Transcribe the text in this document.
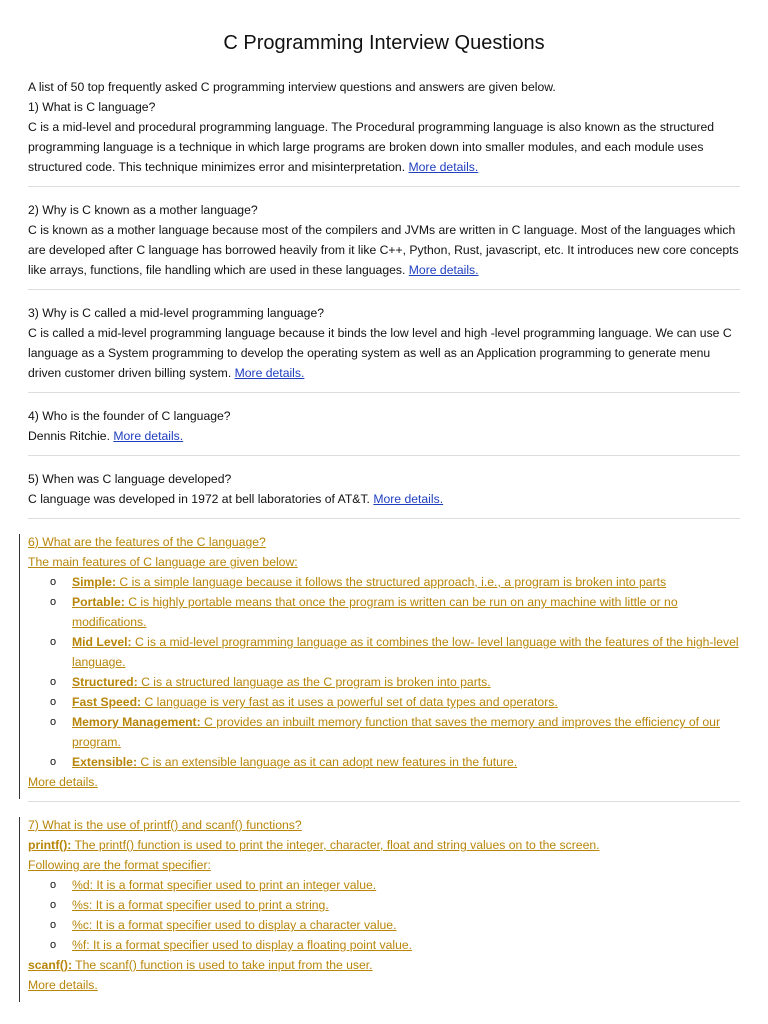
C Programming Interview Questions

A list of 50 top frequently asked C programming interview questions and answers are given below.

1) What is C language?

C is a mid-level and procedural programming language. The Procedural programming language is also known as the structured programming language is a technique in which large programs are broken down into smaller modules, and each module uses structured code. This technique minimizes error and misinterpretation. More details.

2) Why is C known as a mother language?

C is known as a mother language because most of the compilers and JVMs are written in C language. Most of the languages which are developed after C language has borrowed heavily from it like C++, Python, Rust, javascript, etc. It introduces new core concepts like arrays, functions, file handling which are used in these languages. More details.

3) Why is C called a mid-level programming language?

C is called a mid-level programming language because it binds the low level and high -level programming language. We can use C language as a System programming to develop the operating system as well as an Application programming to generate menu driven customer driven billing system. More details.

4) Who is the founder of C language?

Dennis Ritchie. More details.

5) When was C language developed?

C language was developed in 1972 at bell laboratories of AT&T. More details.

6) What are the features of the C language?

The main features of C language are given below:

o Simple: C is a simple language because it follows the structured approach, i.e., a program is broken into parts
o Portable: C is highly portable means that once the program is written can be run on any machine with little or no modifications.
o Mid Level: C is a mid-level programming language as it combines the low- level language with the features of the high-level language.
o Structured: C is a structured language as the C program is broken into parts.
o Fast Speed: C language is very fast as it uses a powerful set of data types and operators.
o Memory Management: C provides an inbuilt memory function that saves the memory and improves the efficiency of our program.
o Extensible: C is an extensible language as it can adopt new features in the future.

More details.

7) What is the use of printf() and scanf() functions?

printf(): The printf() function is used to print the integer, character, float and string values on to the screen.

Following are the format specifier:

o %d: It is a format specifier used to print an integer value.
o %s: It is a format specifier used to print a string.
o %c: It is a format specifier used to display a character value.
o %f: It is a format specifier used to display a floating point value.

scanf(): The scanf() function is used to take input from the user.

More details.
